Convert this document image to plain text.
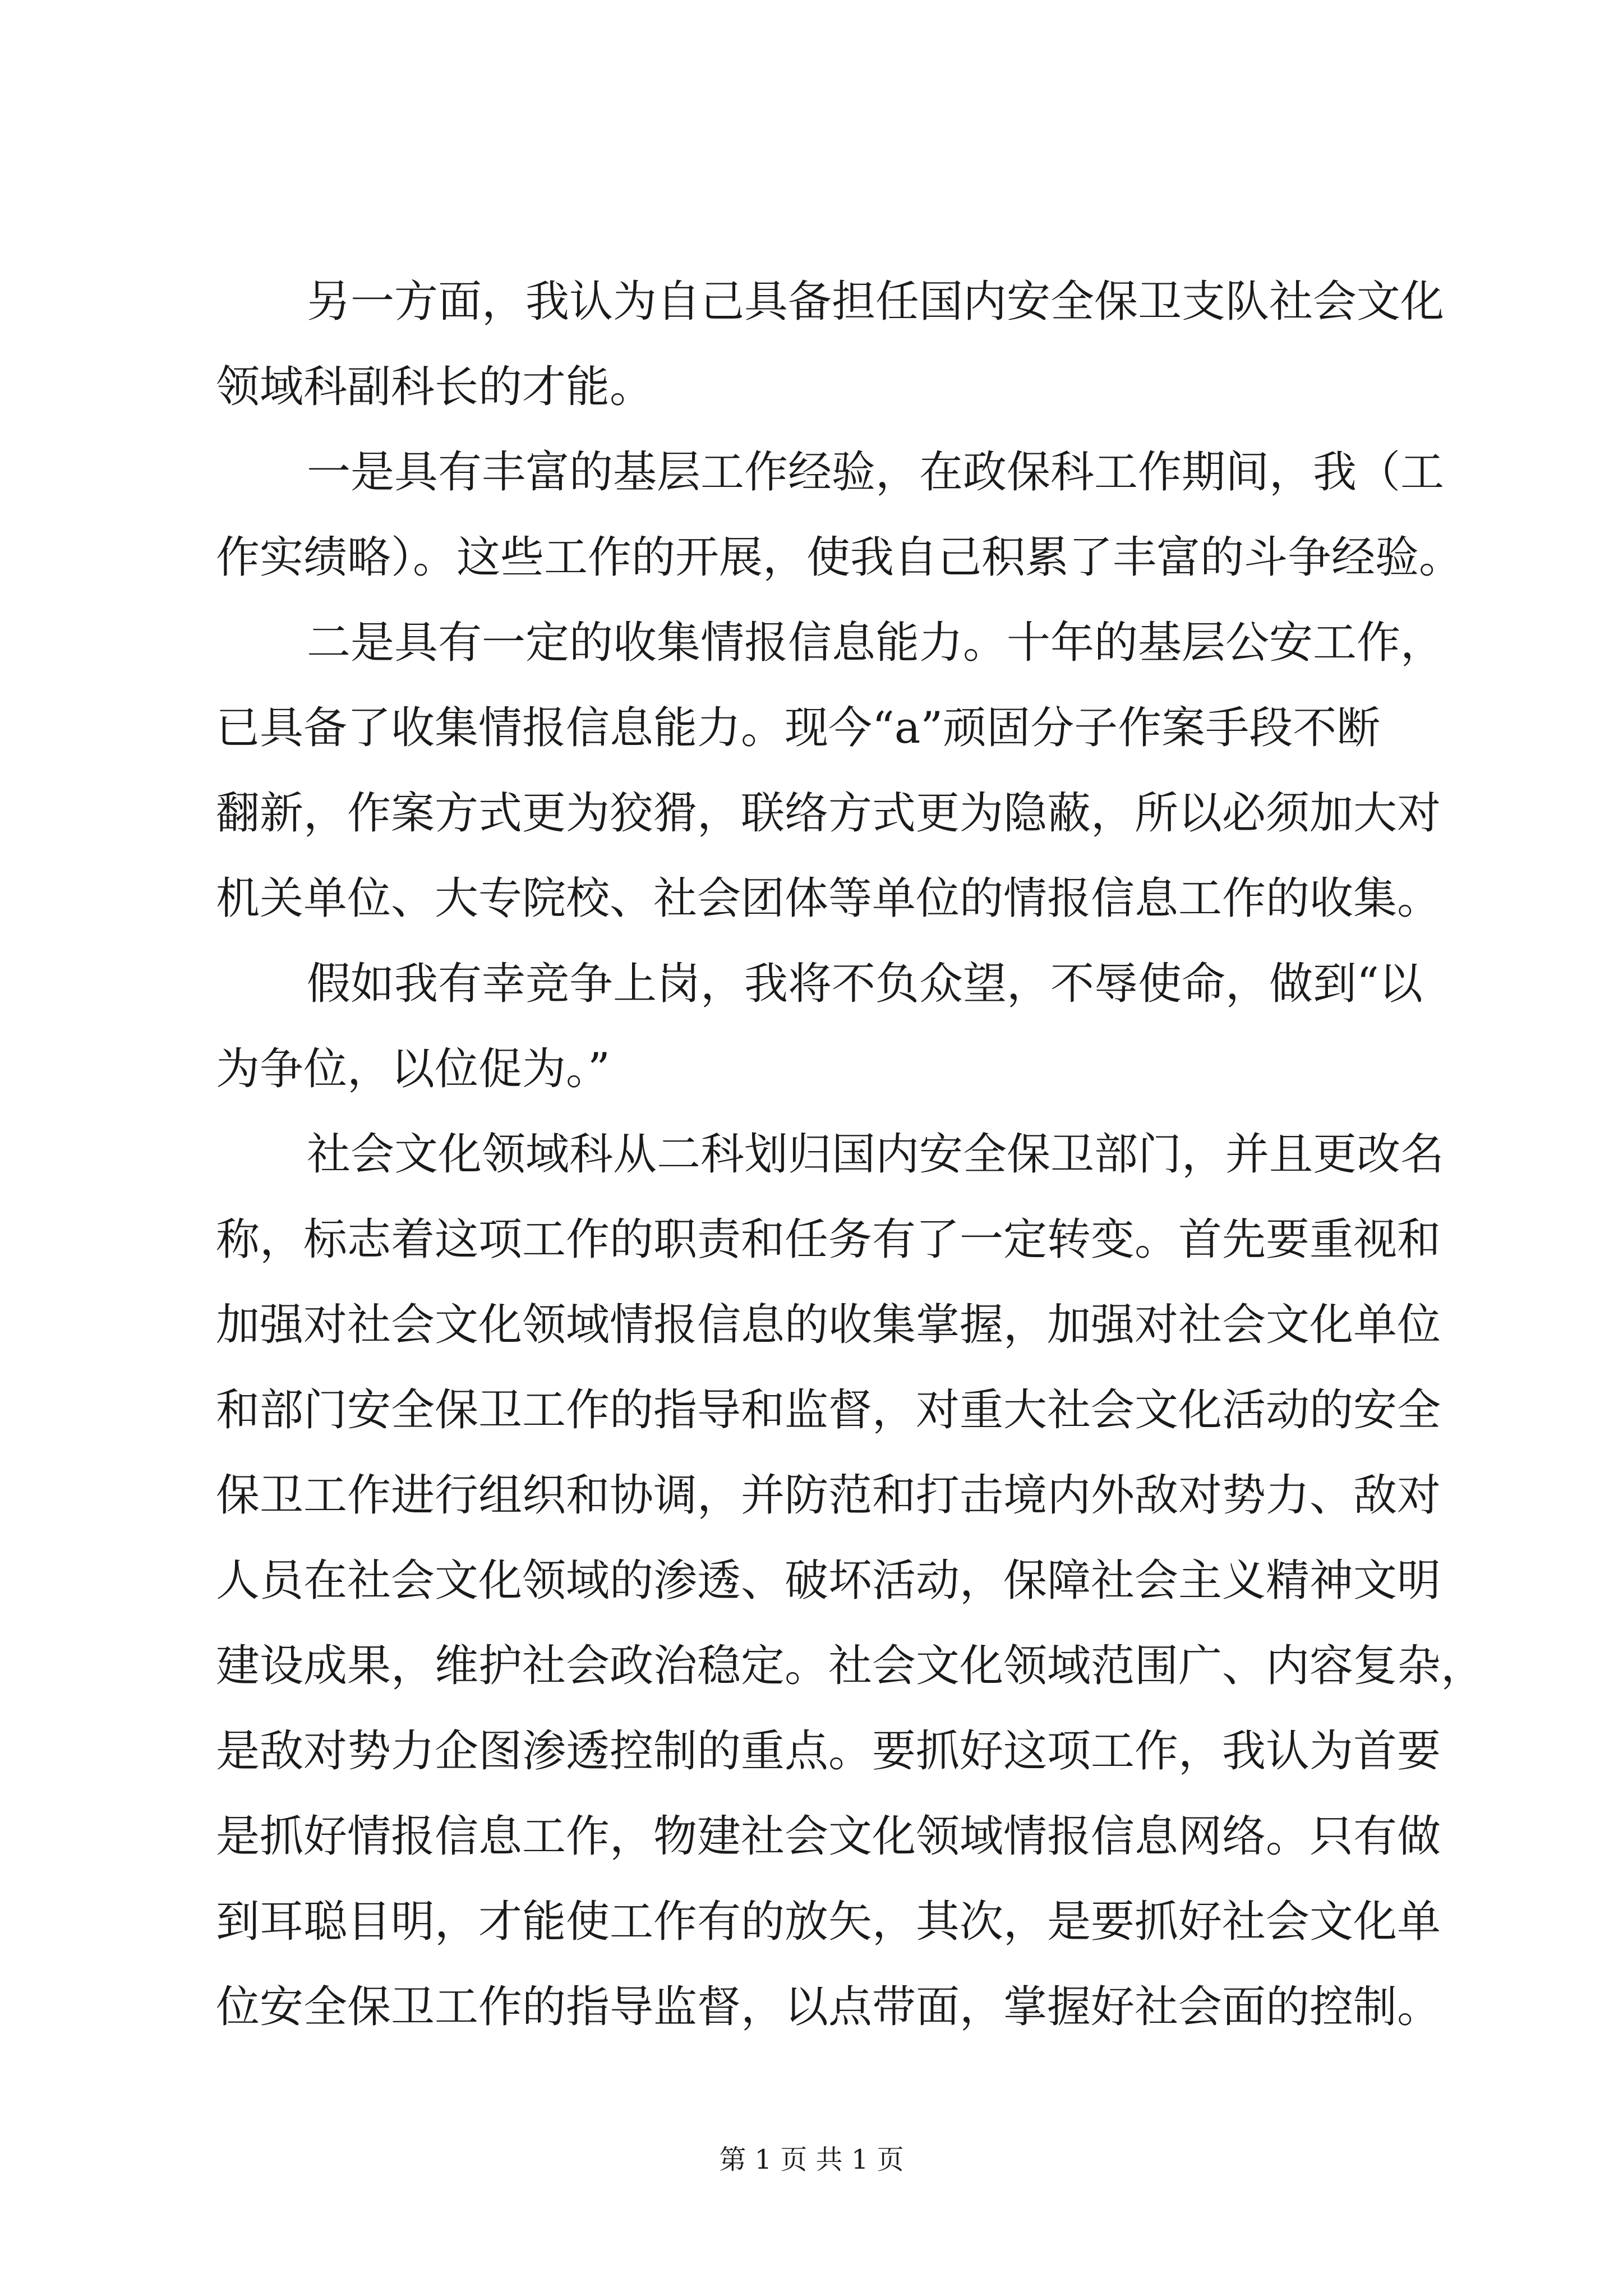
另一方面，我认为自己具备担任国内安全保卫支队社会文化
领域科副科长的才能。
一是具有丰富的基层工作经验，在政保科工作期间，我（工
作实绩略）。这些工作的开展，使我自己积累了丰富的斗争经验。
二是具有一定的收集情报信息能力。十年的基层公安工作，
已具备了收集情报信息能力。现今“a”顽固分子作案手段不断
翻新，作案方式更为狡猾，联络方式更为隐蔽，所以必须加大对
机关单位、大专院校、社会团体等单位的情报信息工作的收集。
假如我有幸竞争上岗，我将不负众望，不辱使命，做到“以
为争位，以位促为。”
社会文化领域科从二科划归国内安全保卫部门，并且更改名
称，标志着这项工作的职责和任务有了一定转变。首先要重视和
加强对社会文化领域情报信息的收集掌握，加强对社会文化单位
和部门安全保卫工作的指导和监督，对重大社会文化活动的安全
保卫工作进行组织和协调，并防范和打击境内外敌对势力、敌对
人员在社会文化领域的渗透、破坏活动，保障社会主义精神文明
建设成果，维护社会政治稳定。社会文化领域范围广、内容复杂，
是敌对势力企图渗透控制的重点。要抓好这项工作，我认为首要
是抓好情报信息工作，物建社会文化领域情报信息网络。只有做
到耳聪目明，才能使工作有的放矢，其次，是要抓好社会文化单
位安全保卫工作的指导监督，以点带面，掌握好社会面的控制。
第 1 页 共 1 页
